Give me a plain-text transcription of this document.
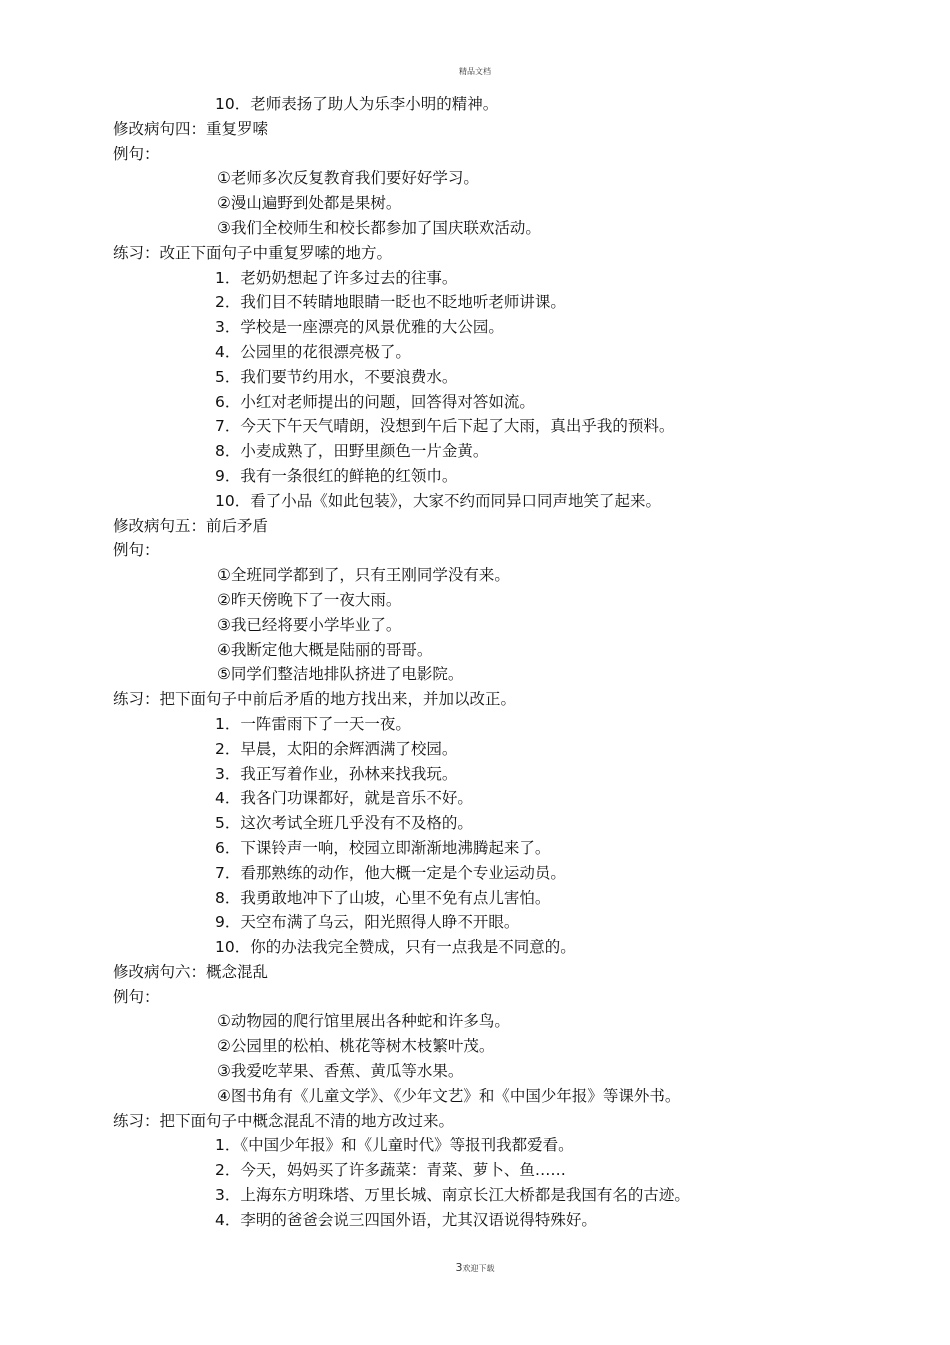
精品文档
10．老师表扬了助人为乐李小明的精神。
修改病句四：重复罗嗦
例句：
①老师多次反复教育我们要好好学习。
②漫山遍野到处都是果树。
③我们全校师生和校长都参加了国庆联欢活动。
练习：改正下面句子中重复罗嗦的地方。
1．老奶奶想起了许多过去的往事。
2．我们目不转睛地眼睛一眨也不眨地听老师讲课。
3．学校是一座漂亮的风景优雅的大公园。
4．公园里的花很漂亮极了。
5．我们要节约用水，不要浪费水。
6．小红对老师提出的问题，回答得对答如流。
7．今天下午天气晴朗，没想到午后下起了大雨，真出乎我的预料。
8．小麦成熟了，田野里颜色一片金黄。
9．我有一条很红的鲜艳的红领巾。
10．看了小品《如此包装》，大家不约而同异口同声地笑了起来。
修改病句五：前后矛盾
例句：
①全班同学都到了，只有王刚同学没有来。
②昨天傍晚下了一夜大雨。
③我已经将要小学毕业了。
④我断定他大概是陆丽的哥哥。
⑤同学们整洁地排队挤进了电影院。
练习：把下面句子中前后矛盾的地方找出来，并加以改正。
1．一阵雷雨下了一天一夜。
2．早晨，太阳的余辉洒满了校园。
3．我正写着作业，孙林来找我玩。
4．我各门功课都好，就是音乐不好。
5．这次考试全班几乎没有不及格的。
6．下课铃声一响，校园立即渐渐地沸腾起来了。
7．看那熟练的动作，他大概一定是个专业运动员。
8．我勇敢地冲下了山坡，心里不免有点儿害怕。
9．天空布满了乌云，阳光照得人睁不开眼。
10．你的办法我完全赞成，只有一点我是不同意的。
修改病句六：概念混乱
例句：
①动物园的爬行馆里展出各种蛇和许多鸟。
②公园里的松柏、桃花等树木枝繁叶茂。
③我爱吃苹果、香蕉、黄瓜等水果。
④图书角有《儿童文学》、《少年文艺》和《中国少年报》等课外书。
练习：把下面句子中概念混乱不清的地方改过来。
1．《中国少年报》和《儿童时代》等报刊我都爱看。
2．今天，妈妈买了许多蔬菜：青菜、萝卜、鱼……
3．上海东方明珠塔、万里长城、南京长江大桥都是我国有名的古迹。
4．李明的爸爸会说三四国外语，尤其汉语说得特殊好。
3欢迎下载
